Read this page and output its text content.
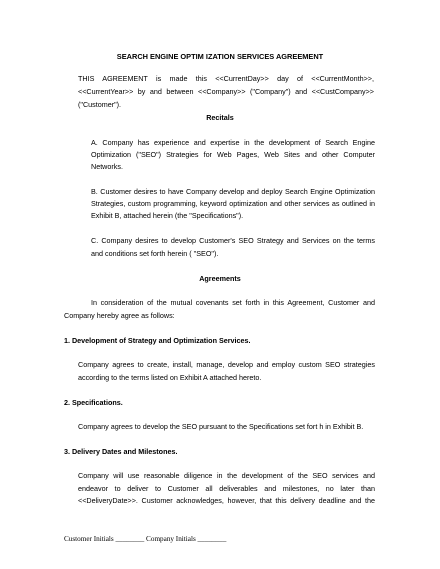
SEARCH ENGINE OPTIM IZATION SERVICES AGREEMENT
THIS AGREEMENT is made this <<CurrentDay>> day of <<CurrentMonth>>,
<<CurrentYear>> by and between <<Company>> ("Company") and <<CustCompany>>
("Customer").
Recitals
A. Company has experience and expertise in the development of Search Engine
Optimization ("SEO") Strategies for Web Pages, Web Sites and other Computer
Networks.
B. Customer desires to have Company develop and deploy Search Engine Optimization
Strategies, custom programming, keyword optimization and other services as outlined in
Exhibit B, attached herein (the "Specifications").
C. Company desires to develop Customer's SEO Strategy and Services on the terms
and conditions set forth herein ( "SEO").
Agreements
In consideration of the mutual covenants set forth in this Agreement, Customer and
Company hereby agree as follows:
1. Development of Strategy and Optimization Services.
Company agrees to create, install, manage, develop and employ custom SEO strategies
according to the terms listed on Exhibit A attached hereto.
2. Specifications.
Company agrees to develop the SEO pursuant to the Specifications set fort h in Exhibit B.
3. Delivery Dates and Milestones.
Company will use reasonable diligence in the development of the SEO services and
endeavor to deliver to Customer all deliverables and milestones, no later than
<<DeliveryDate>>. Customer acknowledges, however, that this delivery deadline and the
Customer Initials ________ Company Initials ________
